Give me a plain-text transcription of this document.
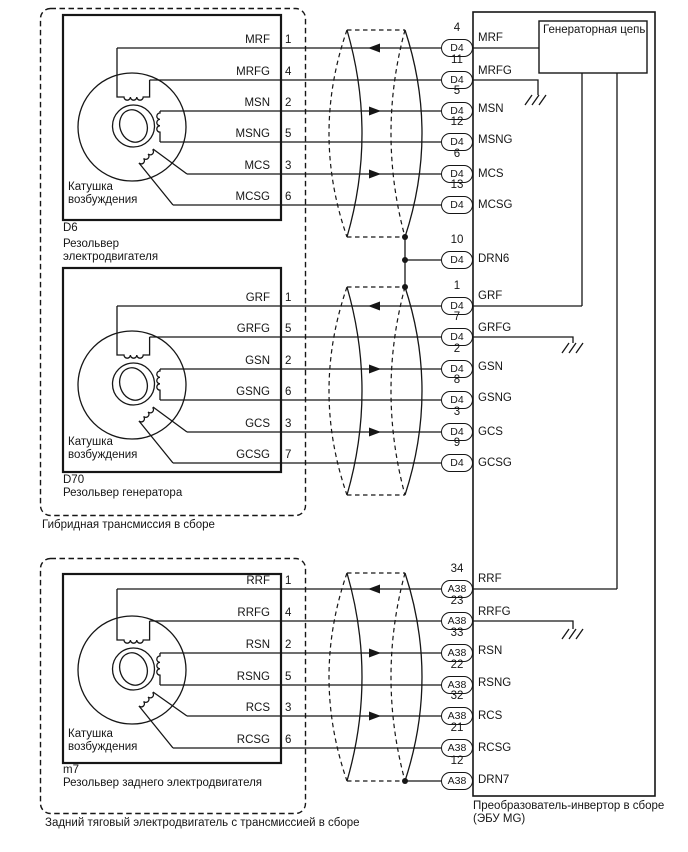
Генераторная цепь
Гибридная трансмиссия в сборе
Задний тяговый электродвигатель с трансмиссией в сборе
Преобразователь-инвертор в сборе
(ЭБУ MG)
MRF 1
4
D4
MRF
MRFG 4
11
D4
MRFG
MSN 2
5
D4 MSN
MSNG 5
12
D4 MSNG
MCS 3
6
D4 MCS
MCSG 6
13
D4 MCSG
10
D4 DRN6
D6
Резольвер электродвигателя
Катушка возбуждения
GRF 1
1
D4
GRF
GRFG 5
7
D4
GRFG
GSN 2
2
D4 GSN
GSNG 6
8
D4 GSNG
GCS 3
3
D4 GCS
GCSG 7
9
D4 GCSG
D70
Резольвер генератора
Катушка возбуждения
RRF 1
34
A38
RRF
RRFG 4
23
A38
RRFG
RSN 2
33
A38 RSN
RSNG 5
22
A38 RSNG
RCS 3
32
A38 RCS
RCSG 6
21
A38 RCSG
12
A38 DRN7
m7
Резольвер заднего электродвигателя
Катушка возбуждения
